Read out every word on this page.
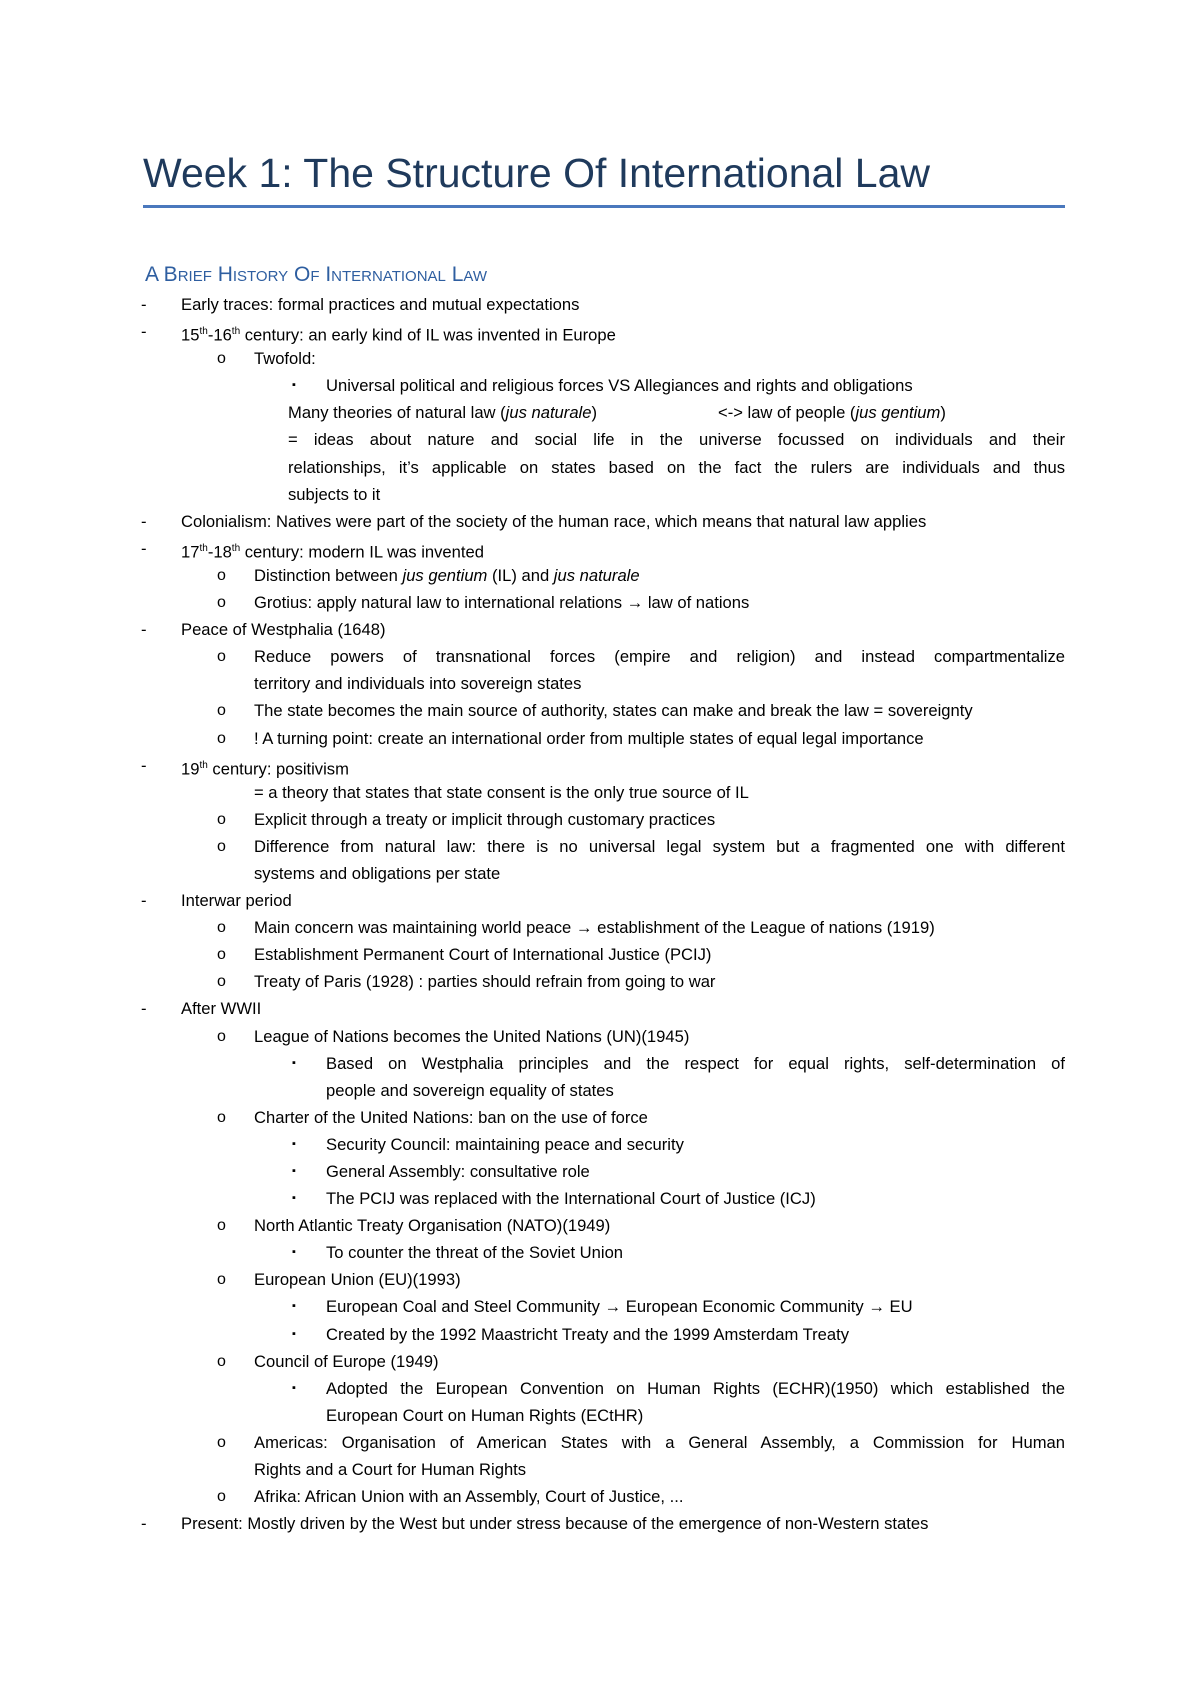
Week 1: The Structure Of International Law
A Brief History Of International Law
- Early traces: formal practices and mutual expectations
- 15th-16th century: an early kind of IL was invented in Europe
o Twofold:
▪ Universal political and religious forces VS Allegiances and rights and obligations
Many theories of natural law (jus naturale)	<-> law of people (jus gentium)
= ideas about nature and social life in the universe focussed on individuals and their
relationships, it’s applicable on states based on the fact the rulers are individuals and thus
subjects to it
- Colonialism: Natives were part of the society of the human race, which means that natural law applies
- 17th-18th century: modern IL was invented
o Distinction between jus gentium (IL) and jus naturale
o Grotius: apply natural law to international relations → law of nations
- Peace of Westphalia (1648)
o Reduce powers of transnational forces (empire and religion) and instead compartmentalize
territory and individuals into sovereign states
o The state becomes the main source of authority, states can make and break the law = sovereignty
o ! A turning point: create an international order from multiple states of equal legal importance
- 19th century: positivism
= a theory that states that state consent is the only true source of IL
o Explicit through a treaty or implicit through customary practices
o Difference from natural law: there is no universal legal system but a fragmented one with different
systems and obligations per state
- Interwar period
o Main concern was maintaining world peace → establishment of the League of nations (1919)
o Establishment Permanent Court of International Justice (PCIJ)
o Treaty of Paris (1928) : parties should refrain from going to war
- After WWII
o League of Nations becomes the United Nations (UN)(1945)
▪ Based on Westphalia principles and the respect for equal rights, self-determination of
people and sovereign equality of states
o Charter of the United Nations: ban on the use of force
▪ Security Council: maintaining peace and security
▪ General Assembly: consultative role
▪ The PCIJ was replaced with the International Court of Justice (ICJ)
o North Atlantic Treaty Organisation (NATO)(1949)
▪ To counter the threat of the Soviet Union
o European Union (EU)(1993)
▪ European Coal and Steel Community → European Economic Community → EU
▪ Created by the 1992 Maastricht Treaty and the 1999 Amsterdam Treaty
o Council of Europe (1949)
▪ Adopted the European Convention on Human Rights (ECHR)(1950) which established the
European Court on Human Rights (ECtHR)
o Americas: Organisation of American States with a General Assembly, a Commission for Human
Rights and a Court for Human Rights
o Afrika: African Union with an Assembly, Court of Justice, ...
- Present: Mostly driven by the West but under stress because of the emergence of non-Western states
